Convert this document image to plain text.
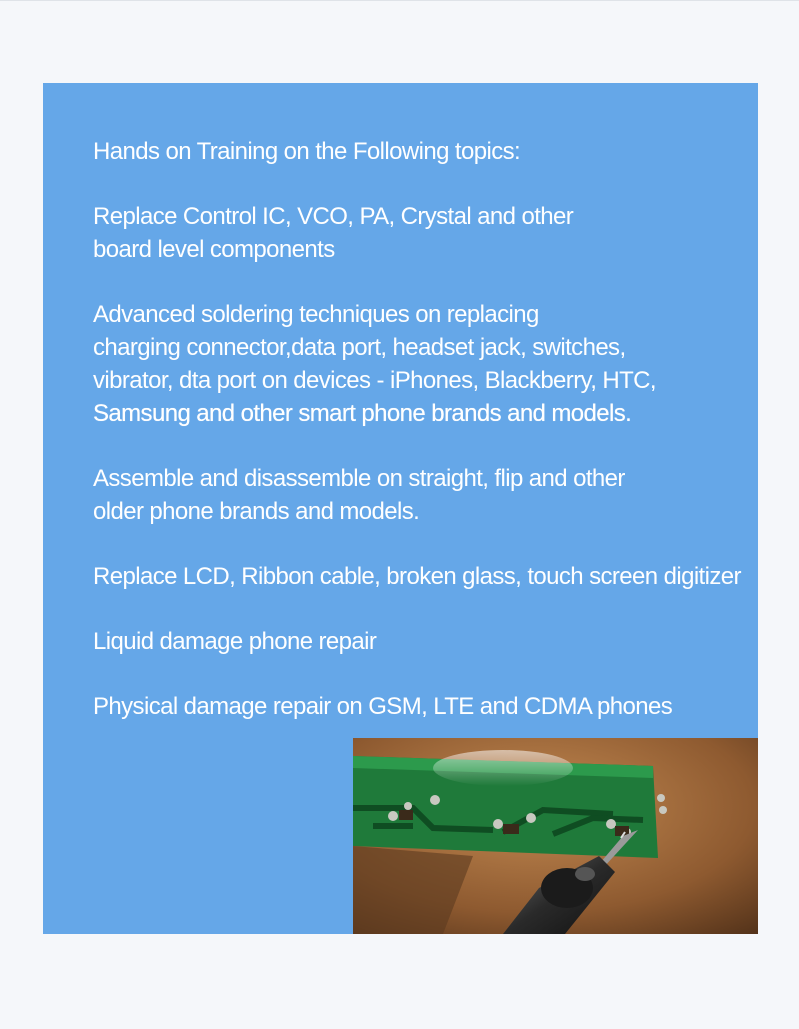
Hands on Training on the Following topics:

Replace Control IC, VCO, PA, Crystal and other
board level components

Advanced soldering techniques on replacing
charging connector,data port, headset jack, switches,
vibrator, dta port on devices - iPhones, Blackberry, HTC,
Samsung and other smart phone brands and models.

Assemble and disassemble on straight, flip and other
older phone brands and models.

Replace LCD, Ribbon cable, broken glass, touch screen digitizer

Liquid damage phone repair

Physical damage repair on GSM, LTE and CDMA phones
